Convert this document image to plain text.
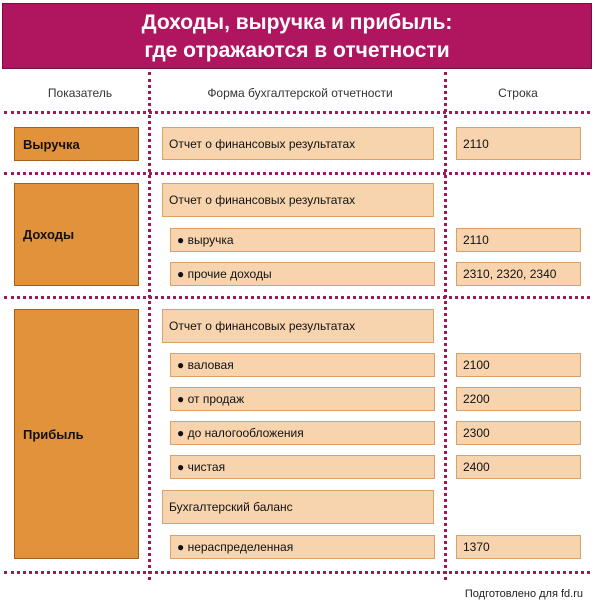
Доходы, выручка и прибыль:
где отражаются в отчетности
Показатель	Форма бухгалтерской отчетности	Строка
Выручка	Отчет о финансовых результатах	2110
Доходы
Отчет о финансовых результатах
● выручка	2110
● прочие доходы	2310, 2320, 2340
Прибыль
Отчет о финансовых результатах
● валовая	2100
● от продаж	2200
● до налогообложения	2300
● чистая	2400
Бухгалтерский баланс
● нераспределенная	1370
Подготовлено для fd.ru
